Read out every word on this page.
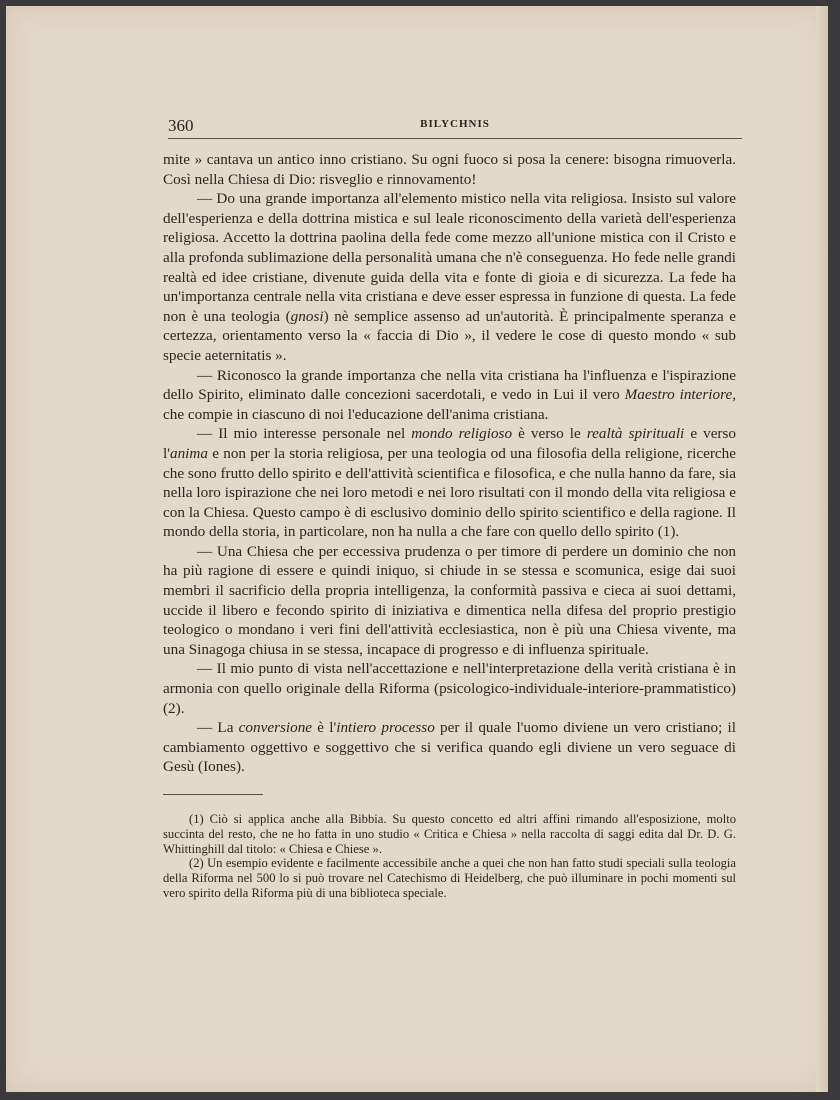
360	BILYCHNIS

mite » cantava un antico inno cristiano. Su ogni fuoco si posa la cenere: bisogna rimuoverla. Così nella Chiesa di Dio: risveglio e rinnovamento!

— Do una grande importanza all'elemento mistico nella vita religiosa. Insisto sul valore dell'esperienza e della dottrina mistica e sul leale riconoscimento della varietà dell'esperienza religiosa. Accetto la dottrina paolina della fede come mezzo all'unione mistica con il Cristo e alla profonda sublimazione della personalità umana che n'è conseguenza. Ho fede nelle grandi realtà ed idee cristiane, divenute guida della vita e fonte di gioia e di sicurezza. La fede ha un'importanza centrale nella vita cristiana e deve esser espressa in funzione di questa. La fede non è una teologia (gnosi) nè semplice assenso ad un'autorità. È principalmente speranza e certezza, orientamento verso la « faccia di Dio », il vedere le cose di questo mondo « sub specie aeternitatis ».

— Riconosco la grande importanza che nella vita cristiana ha l'influenza e l'ispirazione dello Spirito, eliminato dalle concezioni sacerdotali, e vedo in Lui il vero Maestro interiore, che compie in ciascuno di noi l'educazione dell'anima cristiana.

— Il mio interesse personale nel mondo religioso è verso le realtà spirituali e verso l'anima e non per la storia religiosa, per una teologia od una filosofia della religione, ricerche che sono frutto dello spirito e dell'attività scientifica e filosofica, e che nulla hanno da fare, sia nella loro ispirazione che nei loro metodi e nei loro risultati con il mondo della vita religiosa e con la Chiesa. Questo campo è di esclusivo dominio dello spirito scientifico e della ragione. Il mondo della storia, in particolare, non ha nulla a che fare con quello dello spirito (1).

— Una Chiesa che per eccessiva prudenza o per timore di perdere un dominio che non ha più ragione di essere e quindi iniquo, si chiude in se stessa e scomunica, esige dai suoi membri il sacrificio della propria intelligenza, la conformità passiva e cieca ai suoi dettami, uccide il libero e fecondo spirito di iniziativa e dimentica nella difesa del proprio prestigio teologico o mondano i veri fini dell'attività ecclesiastica, non è più una Chiesa vivente, ma una Sinagoga chiusa in se stessa, incapace di progresso e di influenza spirituale.

— Il mio punto di vista nell'accettazione e nell'interpretazione della verità cristiana è in armonia con quello originale della Riforma (psicologico-individuale-interiore-prammatistico) (2).

— La conversione è l'intiero processo per il quale l'uomo diviene un vero cristiano; il cambiamento oggettivo e soggettivo che si verifica quando egli diviene un vero seguace di Gesù (Iones).

(1) Ciò si applica anche alla Bibbia. Su questo concetto ed altri affini rimando all'esposizione, molto succinta del resto, che ne ho fatta in uno studio « Critica e Chiesa » nella raccolta di saggi edita dal Dr. D. G. Whittinghill dal titolo: « Chiesa e Chiese ».

(2) Un esempio evidente e facilmente accessibile anche a quei che non han fatto studi speciali sulla teologia della Riforma nel 500 lo si può trovare nel Catechismo di Heidelberg, che può illuminare in pochi momenti sul vero spirito della Riforma più di una biblioteca speciale.
